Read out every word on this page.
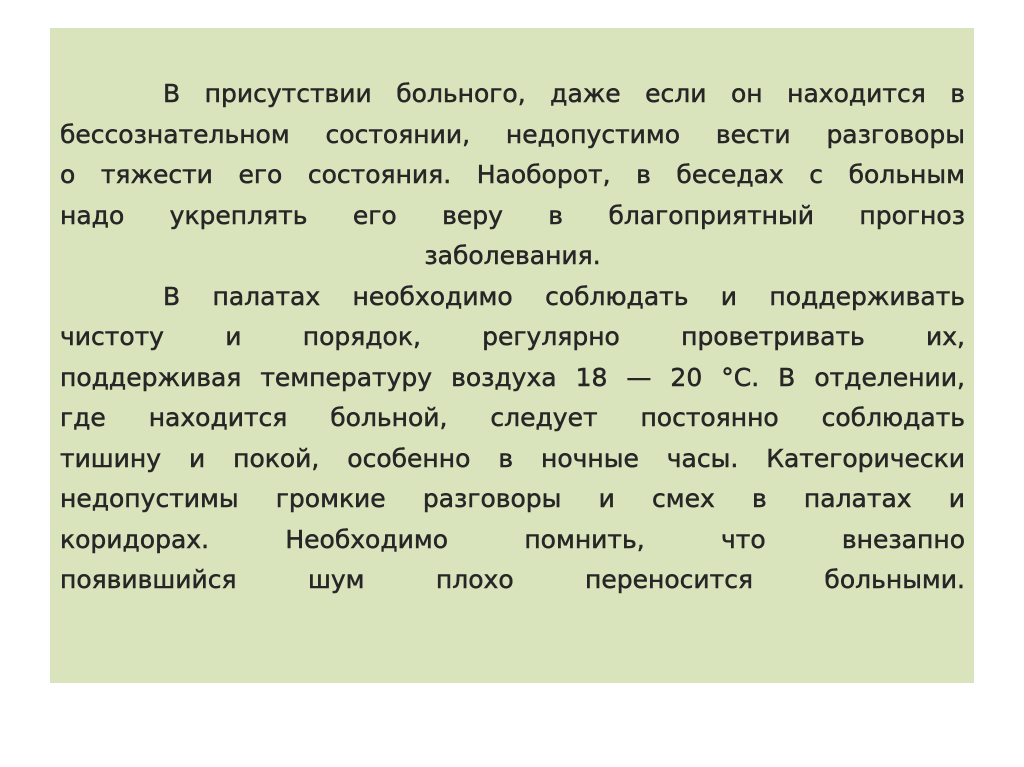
В присутствии больного, даже если он находится в
бессознательном состоянии, недопустимо вести разговоры
о тяжести его состояния. Наоборот, в беседах с больным
надо укреплять его веру в благоприятный прогноз
заболевания.

В палатах необходимо соблюдать и поддерживать
чистоту и порядок, регулярно проветривать их,
поддерживая температуру воздуха 18 — 20 °С. В отделении,
где находится больной, следует постоянно соблюдать
тишину и покой, особенно в ночные часы. Категорически
недопустимы громкие разговоры и смех в палатах и
коридорах. Необходимо помнить, что внезапно
появившийся шум плохо переносится больными.
